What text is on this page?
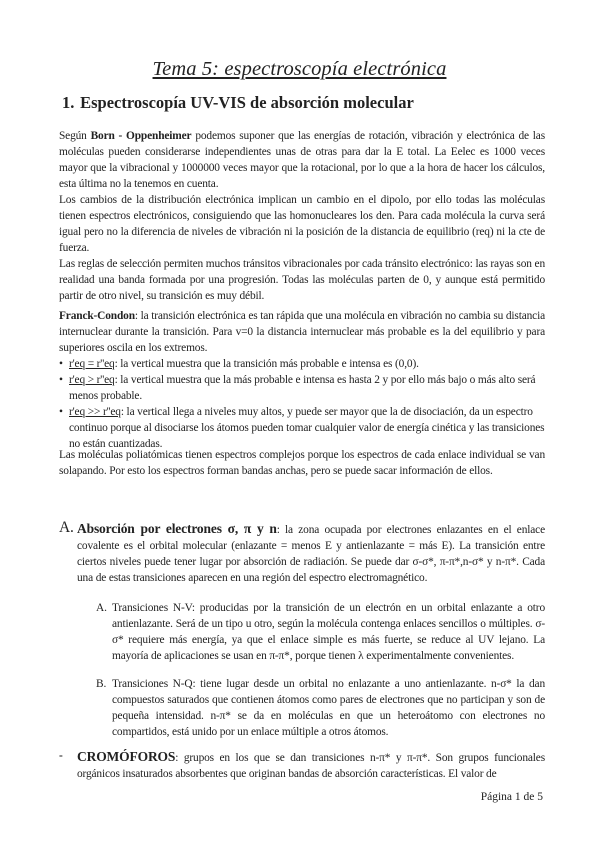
Tema 5: espectroscopía electrónica
1. Espectroscopía UV-VIS de absorción molecular

Según Born - Oppenheimer podemos suponer que las energías de rotación, vibración y electrónica de las moléculas pueden considerarse independientes unas de otras para dar la E total. La Eelec es 1000 veces mayor que la vibracional y 1000000 veces mayor que la rotacional, por lo que a la hora de hacer los cálculos, esta última no la tenemos en cuenta.

Los cambios de la distribución electrónica implican un cambio en el dipolo, por ello todas las moléculas tienen espectros electrónicos, consiguiendo que las homonucleares los den. Para cada molécula la curva será igual pero no la diferencia de niveles de vibración ni la posición de la distancia de equilibrio (req) ni la cte de fuerza.

Las reglas de selección permiten muchos tránsitos vibracionales por cada tránsito electrónico: las rayas son en realidad una banda formada por una progresión. Todas las moléculas parten de 0, y aunque está permitido partir de otro nivel, su transición es muy débil.

Franck-Condon: la transición electrónica es tan rápida que una molécula en vibración no cambia su distancia internuclear durante la transición. Para v=0 la distancia internuclear más probable es la del equilibrio y para superiores oscila en los extremos.

• r'eq = r''eq: la vertical muestra que la transición más probable e intensa es (0,0).
• r'eq > r''eq: la vertical muestra que la más probable e intensa es hasta 2 y por ello más bajo o más alto será menos probable.
• r'eq >> r''eq: la vertical llega a niveles muy altos, y puede ser mayor que la de disociación, da un espectro continuo porque al disociarse los átomos pueden tomar cualquier valor de energía cinética y las transiciones no están cuantizadas.

Las moléculas poliatómicas tienen espectros complejos porque los espectros de cada enlace individual se van solapando. Por esto los espectros forman bandas anchas, pero se puede sacar información de ellos.

A. Absorción por electrones σ, π y n: la zona ocupada por electrones enlazantes en el enlace covalente es el orbital molecular (enlazante = menos E y antienlazante = más E). La transición entre ciertos niveles puede tener lugar por absorción de radiación. Se puede dar σ-σ*, π-π*,n-σ* y n-π*. Cada una de estas transiciones aparecen en una región del espectro electromagnético.
A. Transiciones N-V: producidas por la transición de un electrón en un orbital enlazante a otro antienlazante. Será de un tipo u otro, según la molécula contenga enlaces sencillos o múltiples. σ-σ* requiere más energía, ya que el enlace simple es más fuerte, se reduce al UV lejano. La mayoría de aplicaciones se usan en π-π*, porque tienen λ experimentalmente convenientes.
B. Transiciones N-Q: tiene lugar desde un orbital no enlazante a uno antienlazante. n-σ* la dan compuestos saturados que contienen átomos como pares de electrones que no participan y son de pequeña intensidad. n-π* se da en moléculas en que un heteroátomo con electrones no compartidos, está unido por un enlace múltiple a otros átomos.
-	CROMÓFOROS: grupos en los que se dan transiciones n-π* y π-π*. Son grupos funcionales orgánicos insaturados absorbentes que originan bandas de absorción características. El valor de
Página 1 de 5
